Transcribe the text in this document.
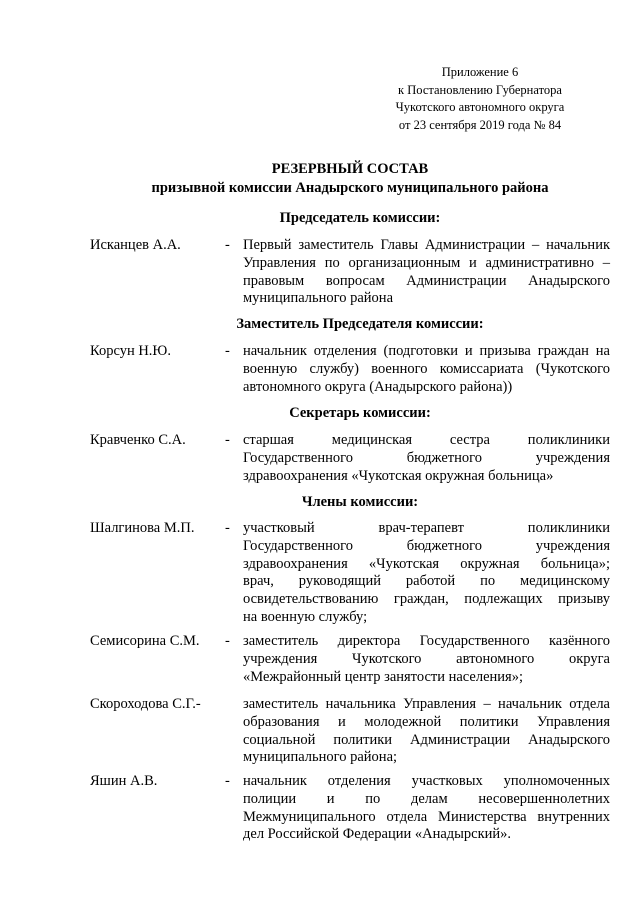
Приложение 6
к Постановлению Губернатора
Чукотского автономного округа
от 23 сентября 2019 года № 84
РЕЗЕРВНЫЙ СОСТАВ
призывной комиссии Анадырского муниципального района
Председатель комиссии:
Исканцев А.А.	- Первый заместитель Главы Администрации – начальник
Управления по организационным и административно –
правовым вопросам Администрации Анадырского
муниципального района
Заместитель Председателя комиссии:
Корсун Н.Ю.	- начальник отделения (подготовки и призыва граждан на
военную службу) военного комиссариата (Чукотского
автономного округа (Анадырского района))
Секретарь комиссии:
Кравченко С.А.	- старшая медицинская сестра поликлиники
Государственного бюджетного учреждения
здравоохранения «Чукотская окружная больница»
Члены комиссии:
Шалгинова М.П. - участковый врач-терапевт поликлиники
Государственного бюджетного учреждения
здравоохранения «Чукотская окружная больница»;
врач, руководящий работой по медицинскому
освидетельствованию граждан, подлежащих призыву
на военную службу;
Семисорина С.М. - заместитель директора Государственного казённого
учреждения Чукотского автономного округа
«Межрайонный центр занятости населения»;
Скороходова С.Г.-	заместитель начальника Управления – начальник отдела
образования и молодежной политики Управления
социальной политики Администрации Анадырского
муниципального района;
Яшин А.В.	- начальник отделения участковых уполномоченных
полиции и по делам несовершеннолетних
Межмуниципального отдела Министерства внутренних
дел Российской Федерации «Анадырский».
